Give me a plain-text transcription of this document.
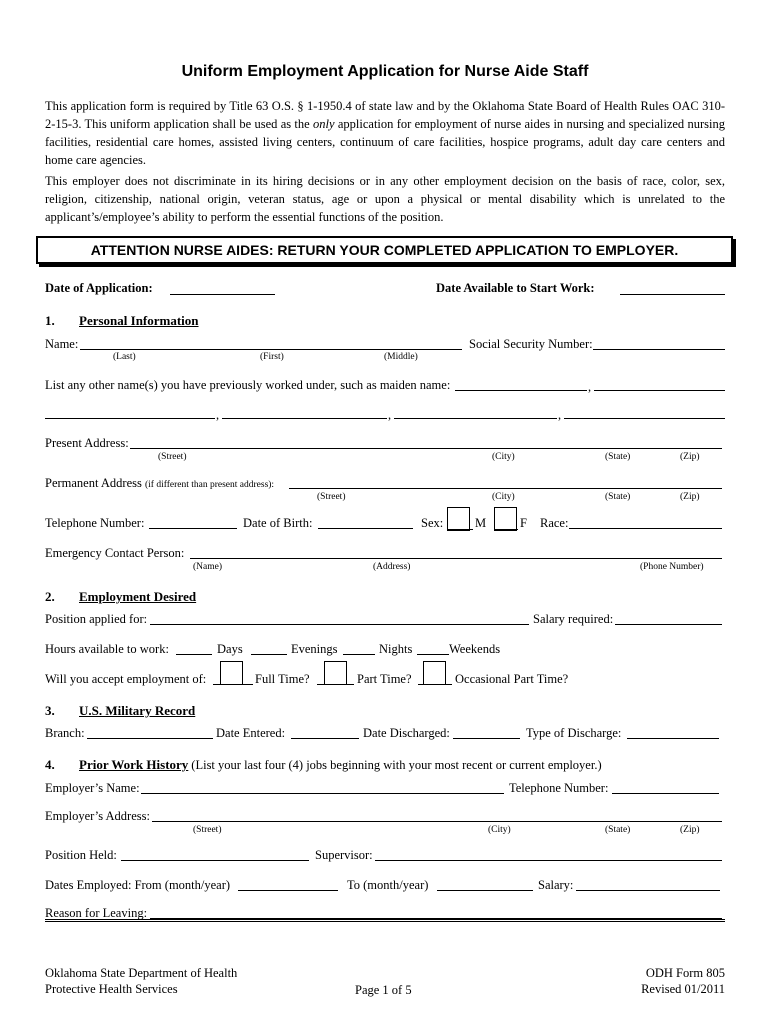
Uniform Employment Application for Nurse Aide Staff
This application form is required by Title 63 O.S. § 1-1950.4 of state law and by the Oklahoma State Board of Health Rules OAC 310-2-15-3. This uniform application shall be used as the only application for employment of nurse aides in nursing and specialized nursing facilities, residential care homes, assisted living centers, continuum of care facilities, hospice programs, adult day care centers and home care agencies.
This employer does not discriminate in its hiring decisions or in any other employment decision on the basis of race, color, sex, religion, citizenship, national origin, veteran status, age or upon a physical or mental disability which is unrelated to the applicant’s/employee’s ability to perform the essential functions of the position.
ATTENTION NURSE AIDES: RETURN YOUR COMPLETED APPLICATION TO EMPLOYER.
Date of Application:	Date Available to Start Work:
1. Personal Information
Name:
(Last)	(First)	(Middle)
Social Security Number:
List any other name(s) you have previously worked under, such as maiden name:	,
,	,	,
Present Address:
(Street)	(City)	(State)	(Zip)
Permanent Address (if different than present address):
(Street)	(City)	(State)	(Zip)
Telephone Number:	Date of Birth:	Sex:	M	F Race:
Emergency Contact Person:
(Name)	(Address)	(Phone Number)
2. Employment Desired
Position applied for:	Salary required:
Hours available to work:	Days	Evenings	Nights	Weekends
Will you accept employment of:	Full Time?	Part Time?	Occasional Part Time?
3. U.S. Military Record
Branch:	Date Entered:	Date Discharged:	Type of Discharge:
4. Prior Work History (List your last four (4) jobs beginning with your most recent or current employer.)
Employer’s Name:	Telephone Number:
Employer’s Address:
(Street)	(City)	(State)	(Zip)
Position Held:	Supervisor:
Dates Employed: From (month/year)	To (month/year)	Salary:
Reason for Leaving:
Oklahoma State Department of Health
Protective Health Services	Page 1 of 5
ODH Form 805
Revised 01/2011
